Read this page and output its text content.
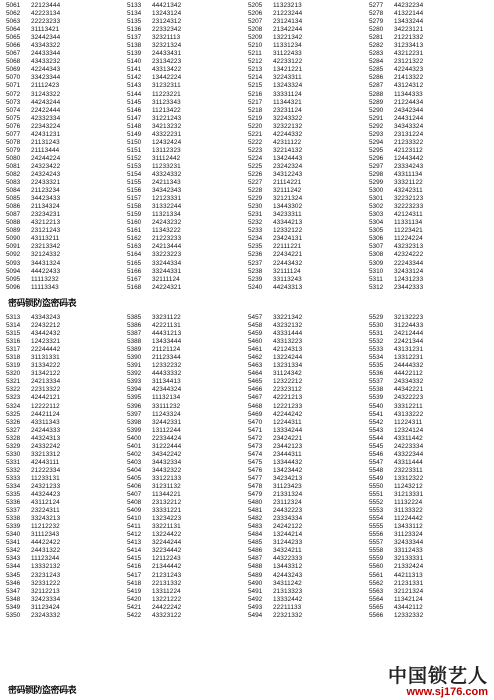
5061 22123444
5062 42223134
5063 22223233
5064 31113421
5065 32442344
5066 43343322
5067 24433344
5068 43433232
5069 42244343
5070 33423344
5071 21112423
5072 31243322
5073 44243244
5074 22422444
5075 42332334
5076 22343224
5077 42431231
5078 21131243
5079 21113444
5080 24244224
5081 24323422
5082 24324243
5083 22433321
5084 21123234
5085 34423433
5086 21134324
5087 23234231
5088 43212213
5089 23121243
5090 43113211
5091 23213342
5092 32124332
5093 34431324
5094 44422433
5095 11113232
5096 11113343
5133 44421342
5134 13243124
5135 23124312
5136 22332342
5137 32321113
5138 32321324
5139 24433431
5140 23134223
5141 43313422
5142 13442224
5143 31232311
5144 11223221
5145 31123343
5146 11213422
5147 31221243
5148 34213232
5149 43322231
5150 12432424
5151 13112323
5152 31112442
5153 11233231
5154 43324332
5155 24211343
5156 34342343
5157 12123331
5158 31332244
5159 11321334
5160 24243232
5161 11343222
5162 21223233
5163 24213444
5164 33223223
5165 33244334
5166 33244331
5167 32111124
5168 24224321
5205 11323213
5206 21223244
5207 23124134
5208 21342244
5209 13221342
5210 11331234
5211 31122433
5212 42233122
5213 13421221
5214 32243311
5215 13243324
5216 33331124
5217 11344321
5218 23231124
5219 32243322
5220 32322132
5221 42244332
5222 42311122
5223 32214132
5224 13424443
5225 23242324
5226 34312243
5227 21114221
5228 32111242
5229 32121324
5230 13443302
5231 34233311
5232 43344213
5233 12332122
5234 23424131
5235 22111221
5236 22434221
5237 22443432
5238 32111124
5239 33113243
5240 44243313
5277 44232234
5278 41322144
5279 13433244
5280 34223121
5281 21221332
5282 31233413
5283 43212231
5284 23121322
5285 42244323
5286 21413322
5287 43124312
5288 11344333
5289 21224434
5290 24342344
5291 24431244
5292 34343324
5293 23131224
5294 21233322
5295 42123112
5296 12443442
5297 23334243
5298 43311134
5299 33321122
5300 43242311
5301 32232123
5302 32223233
5303 42124311
5304 11331134
5305 11223421
5306 11224224
5307 43232313
5308 42324222
5309 22243344
5310 32433124
5311 12431233
5312 23442333
密码锁防盗密码表
5313 43343243
5314 22432212
5315 43442432
5316 12423321
5317 22244442
5318 31131331
5319 31334222
5320 31342122
5321 24213334
5322 22313322
5323 42442121
5324 12222112
5325 24421124
5326 43311343
5327 24244333
5328 44324313
5329 24332242
5330 33213312
5331 42443111
5332 21222334
5333 11233131
5334 24321233
5335 44324423
5336 43112124
5337 23224311
5338 33243213
5339 11212232
5340 31112343
5341 44422422
5342 24431322
5343 11123244
5344 13332132
5345 23231243
5346 32331222
5347 32112213
5348 32423334
5349 31123424
5350 23243332
5385 33231122
5386 42221131
5387 44431213
5388 13433444
5389 21121124
5390 21123344
5391 12332232
5392 44433332
5393 31134413
5394 42344324
5395 11132134
5396 33111232
5397 11243324
5398 32442331
5399 13112244
5400 22334424
5401 31222444
5402 34342242
5403 34432334
5404 34432322
5405 33122133
5406 31231132
5407 11344221
5408 23132212
5409 33331221
5410 13234223
5411 33221131
5412 13224422
5413 32244244
5414 32234442
5415 12112243
5416 21344442
5417 21231243
5418 22131332
5419 13311224
5420 13221222
5421 24422242
5422 43323122
5457 33221342
5458 43232132
5459 43331444
5460 43313223
5461 42124313
5462 13224244
5463 13231334
5464 31124342
5465 12322212
5466 22323112
5467 42221213
5468 12221233
5469 42244242
5470 12244311
5471 13334244
5472 23424221
5473 23442123
5474 23444311
5475 13344432
5476 13423442
5477 34234213
5478 31123423
5479 21331324
5480 23112324
5481 24432223
5482 23334334
5483 24242122
5484 13244214
5485 31244233
5486 34324211
5487 44322333
5488 13443312
5489 42443243
5490 34311242
5491 21313323
5492 13332442
5493 22211133
5494 22321332
5529 32132223
5530 31224433
5531 24212444
5532 22421344
5533 43131231
5534 13312231
5535 24444332
5536 44422112
5537 24334332
5538 44342221
5539 24322223
5540 33312211
5541 43133222
5542 11224311
5543 12324124
5544 43311442
5545 24223334
5546 43322344
5547 43311444
5548 23223311
5549 13312322
5550 11243212
5551 31213331
5552 11132224
5553 31133322
5554 11224442
5555 13433112
5556 31123324
5557 32433344
5558 33112433
5559 32133331
5560 21332424
5561 44211313
5562 21231331
5563 32121324
5564 11342124
5565 43442112
5566 12332332
密码锁防盗密码表
中国锁艺人
www.sj176.com
